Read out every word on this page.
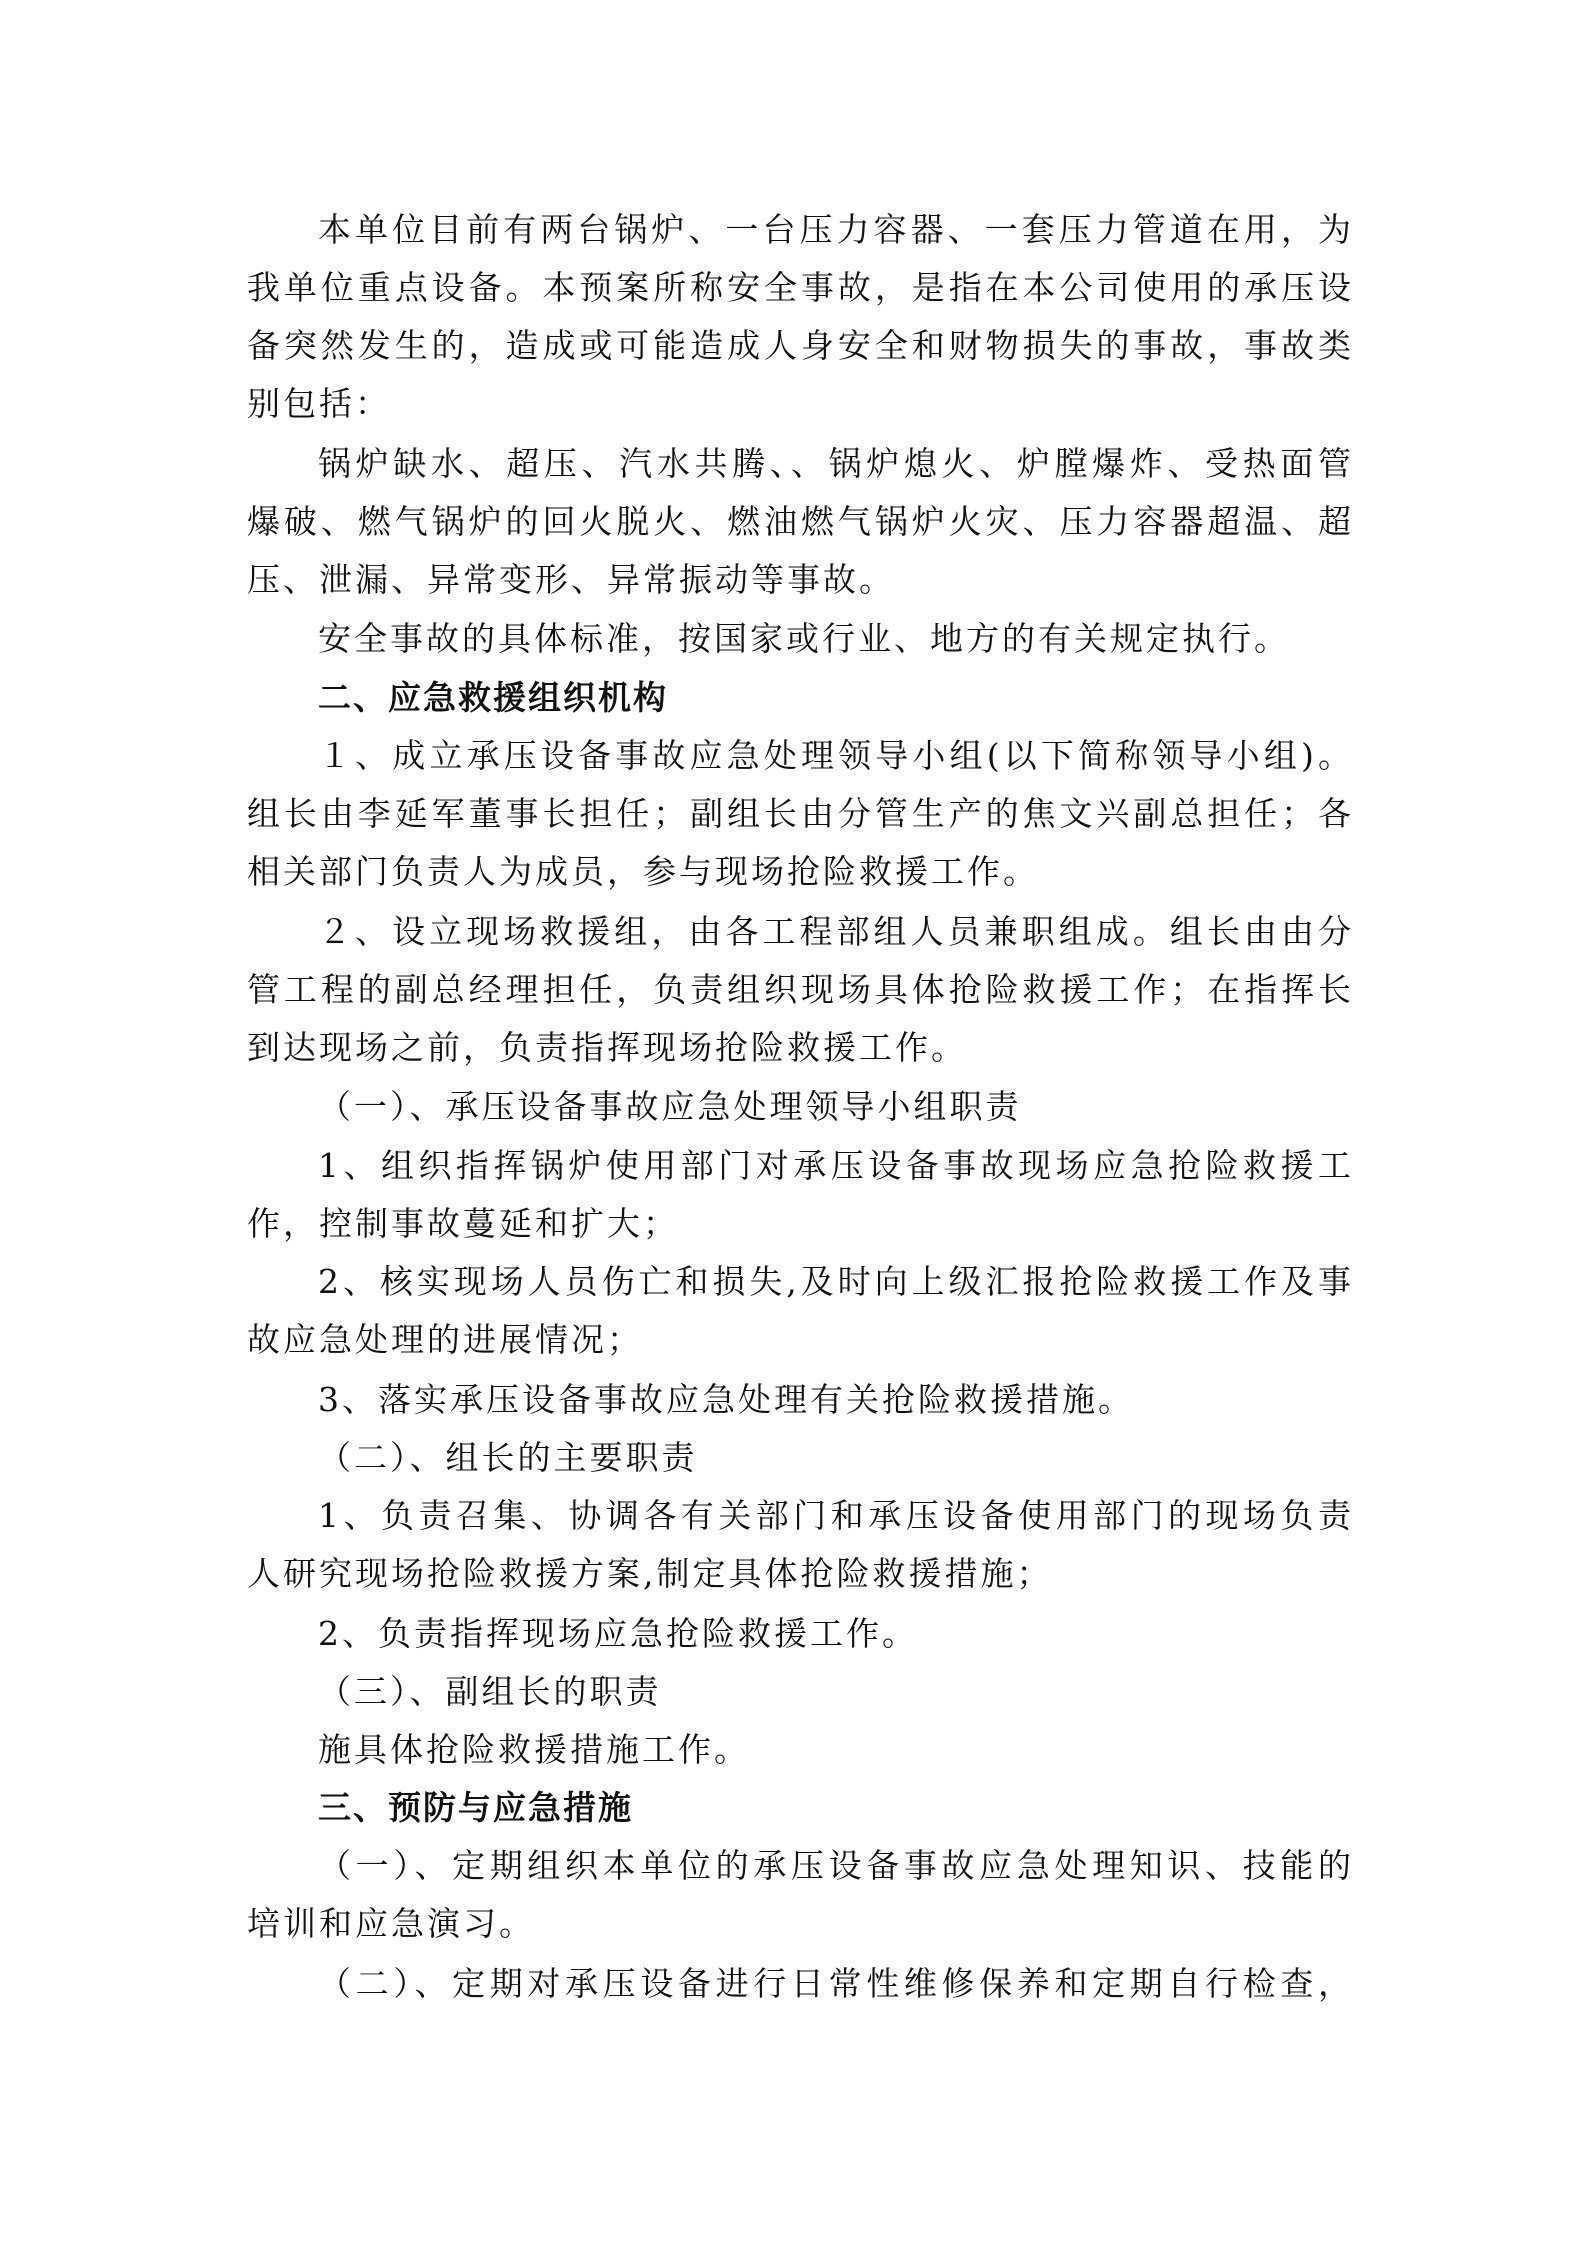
本单位目前有两台锅炉、一台压力容器、一套压力管道在用，为

我单位重点设备。本预案所称安全事故，是指在本公司使用的承压设

备突然发生的，造成或可能造成人身安全和财物损失的事故，事故类

别包括：

锅炉缺水、超压、汽水共腾、、锅炉熄火、炉膛爆炸、受热面管

爆破、燃气锅炉的回火脱火、燃油燃气锅炉火灾、压力容器超温、超

压、泄漏、异常变形、异常振动等事故。

安全事故的具体标准，按国家或行业、地方的有关规定执行。

二、应急救援组织机构

１、成立承压设备事故应急处理领导小组(以下简称领导小组)。

组长由李延军董事长担任；副组长由分管生产的焦文兴副总担任；各

相关部门负责人为成员，参与现场抢险救援工作。

２、设立现场救援组，由各工程部组人员兼职组成。组长由由分

管工程的副总经理担任，负责组织现场具体抢险救援工作；在指挥长

到达现场之前，负责指挥现场抢险救援工作。

（一）、承压设备事故应急处理领导小组职责

1、组织指挥锅炉使用部门对承压设备事故现场应急抢险救援工

作，控制事故蔓延和扩大；

2、核实现场人员伤亡和损失,及时向上级汇报抢险救援工作及事

故应急处理的进展情况；

3、落实承压设备事故应急处理有关抢险救援措施。

（二）、组长的主要职责

1、负责召集、协调各有关部门和承压设备使用部门的现场负责

人研究现场抢险救援方案,制定具体抢险救援措施；

2、负责指挥现场应急抢险救援工作。

（三）、副组长的职责

施具体抢险救援措施工作。

三、预防与应急措施

（一）、定期组织本单位的承压设备事故应急处理知识、技能的

培训和应急演习。

（二）、定期对承压设备进行日常性维修保养和定期自行检查，
